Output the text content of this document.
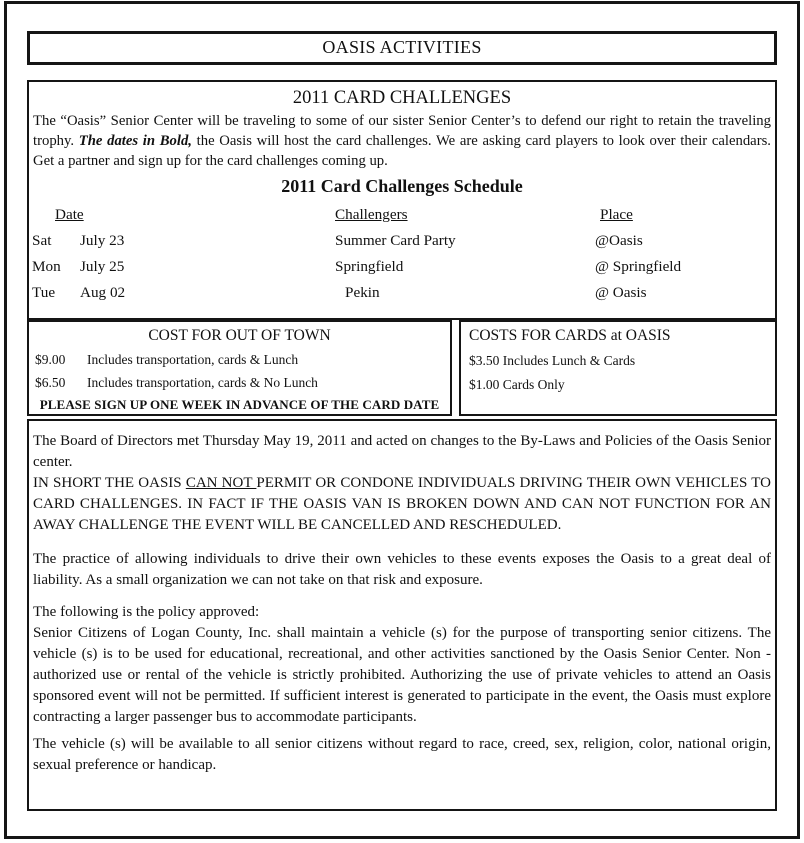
OASIS ACTIVITIES
2011 CARD CHALLENGES

The “Oasis” Senior Center will be traveling to some of our sister Senior Center’s to defend our right to retain the traveling trophy. The dates in Bold, the Oasis will host the card challenges. We are asking card players to look over their calendars. Get a partner and sign up for the card challenges coming up.

2011 Card Challenges Schedule
Date	Challengers	Place
Sat	July 23	Summer Card Party	@Oasis
Mon	July 25	Springfield	@ Springfield
Tue	Aug 02	Pekin	@ Oasis
COST FOR OUT OF TOWN
$9.00	Includes transportation, cards & Lunch
$6.50	Includes transportation, cards & No Lunch
PLEASE SIGN UP ONE WEEK IN ADVANCE OF THE CARD DATE
COSTS FOR CARDS at OASIS
$3.50 Includes Lunch & Cards
$1.00 Cards Only

The Board of Directors met Thursday May 19, 2011 and acted on changes to the By-Laws and Policies of the Oasis Senior center.

IN SHORT THE OASIS CAN NOT PERMIT OR CONDONE INDIVIDUALS DRIVING THEIR OWN VEHICLES TO CARD CHALLENGES. IN FACT IF THE OASIS VAN IS BROKEN DOWN AND CAN NOT FUNCTION FOR AN AWAY CHALLENGE THE EVENT WILL BE CANCELLED AND RESCHEDULED.

The practice of allowing individuals to drive their own vehicles to these events exposes the Oasis to a great deal of liability. As a small organization we can not take on that risk and exposure.

The following is the policy approved:

Senior Citizens of Logan County, Inc. shall maintain a vehicle (s) for the purpose of transporting senior citizens. The vehicle (s) is to be used for educational, recreational, and other activities sanctioned by the Oasis Senior Center. Non -authorized use or rental of the vehicle is strictly prohibited. Authorizing the use of private vehicles to attend an Oasis sponsored event will not be permitted. If sufficient interest is generated to participate in the event, the Oasis must explore contracting a larger passenger bus to accommodate participants.

The vehicle (s) will be available to all senior citizens without regard to race, creed, sex, religion, color, national origin, sexual preference or handicap.
